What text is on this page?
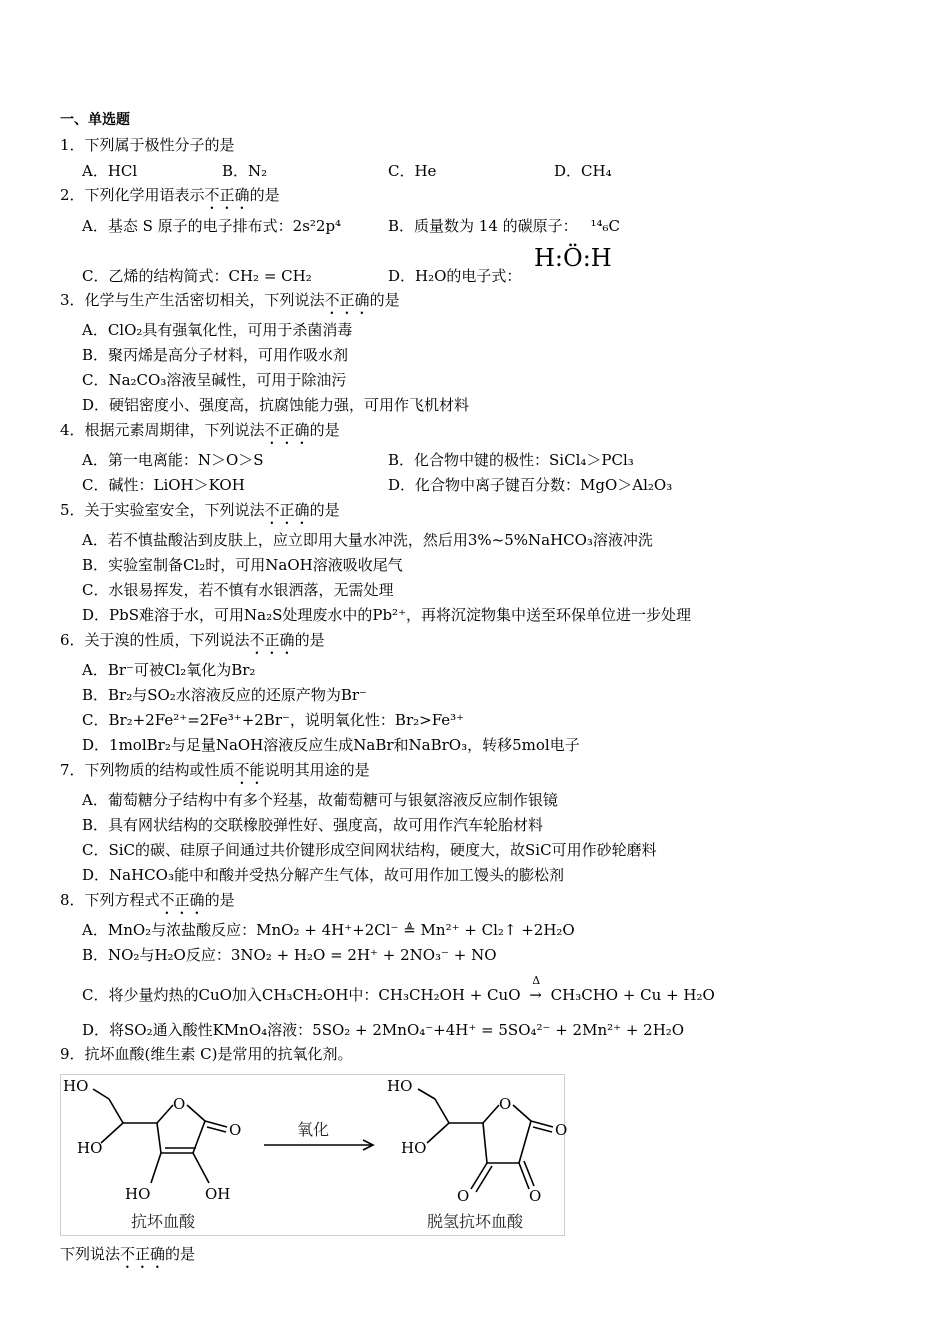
一、单选题
1．下列属于极性分子的是
A．HCl	B．N₂	C．He	D．CH₄
2．下列化学用语表示不正确的是
A．基态 S 原子的电子排布式：2s²2p⁴	B．质量数为 14 的碳原子： ¹⁴₆C
C．乙烯的结构简式：CH₂ = CH₂	D．H₂O的电子式：
H:Ö:H
3．化学与生产生活密切相关，下列说法不正确的是
A．ClO₂具有强氧化性，可用于杀菌消毒
B．聚丙烯是高分子材料，可用作吸水剂
C．Na₂CO₃溶液呈碱性，可用于除油污
D．硬铝密度小、强度高，抗腐蚀能力强，可用作飞机材料
4．根据元素周期律，下列说法不正确的是
A．第一电离能：N＞O＞S	B．化合物中键的极性：SiCl₄＞PCl₃
C．碱性：LiOH＞KOH	D．化合物中离子键百分数：MgO＞Al₂O₃
5．关于实验室安全，下列说法不正确的是
A．若不慎盐酸沾到皮肤上，应立即用大量水冲洗，然后用3%~5%NaHCO₃溶液冲洗
B．实验室制备Cl₂时，可用NaOH溶液吸收尾气
C．水银易挥发，若不慎有水银洒落，无需处理
D．PbS难溶于水，可用Na₂S处理废水中的Pb²⁺，再将沉淀物集中送至环保单位进一步处理
6．关于溴的性质，下列说法不正确的是
A．Br⁻可被Cl₂氧化为Br₂
B．Br₂与SO₂水溶液反应的还原产物为Br⁻
C．Br₂+2Fe²⁺=2Fe³⁺+2Br⁻，说明氧化性：Br₂>Fe³⁺
D．1molBr₂与足量NaOH溶液反应生成NaBr和NaBrO₃，转移5mol电子
7．下列物质的结构或性质不能说明其用途的是
A．葡萄糖分子结构中有多个羟基，故葡萄糖可与银氨溶液反应制作银镜
B．具有网状结构的交联橡胶弹性好、强度高，故可用作汽车轮胎材料
C．SiC的碳、硅原子间通过共价键形成空间网状结构，硬度大，故SiC可用作砂轮磨料
D．NaHCO₃能中和酸并受热分解产生气体，故可用作加工馒头的膨松剂
8．下列方程式不正确的是
A．MnO₂与浓盐酸反应：MnO₂ + 4H⁺+2Cl⁻ ≜ Mn²⁺ + Cl₂↑ +2H₂O
B．NO₂与H₂O反应：3NO₂ + H₂O = 2H⁺ + 2NO₃⁻ + NO
C．将少量灼热的CuO加入CH₃CH₂OH中：CH₃CH₂OH + CuO
Δ
→ CH₃CHO + Cu + H₂O
D．将SO₂通入酸性KMnO₄溶液：5SO₂ + 2MnO₄⁻+4H⁺ = 5SO₄²⁻ + 2Mn²⁺ + 2H₂O
9．抗坏血酸(维生素 C)是常用的抗氧化剂。
HO
HO
O
O
HO	OH
HO
HO
O
O
O	O
氧化
抗坏血酸	脱氢抗坏血酸
下列说法不正确的是
